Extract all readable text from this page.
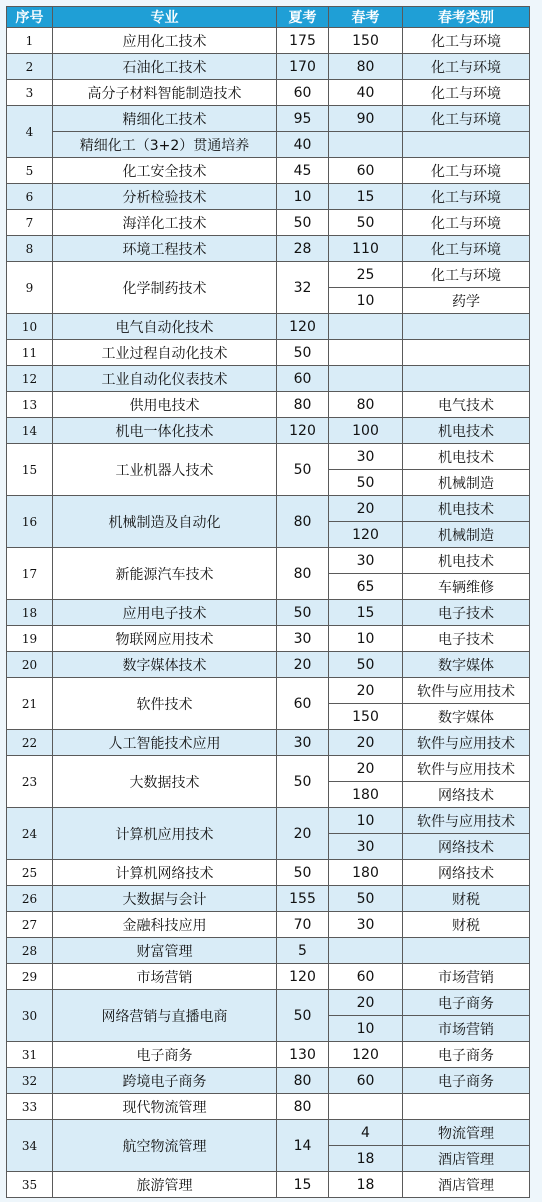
序号	专业	夏考	春考	春考类别
1	应用化工技术	175	150	化工与环境
2	石油化工技术	170	80	化工与环境
3	高分子材料智能制造技术	60	40	化工与环境
4	精细化工技术	95	90	化工与环境
	精细化工（3+2）贯通培养	40		
5	化工安全技术	45	60	化工与环境
6	分析检验技术	10	15	化工与环境
7	海洋化工技术	50	50	化工与环境
8	环境工程技术	28	110	化工与环境
9	化学制药技术	32	25	化工与环境
			10	药学
10	电气自动化技术	120		
11	工业过程自动化技术	50		
12	工业自动化仪表技术	60		
13	供用电技术	80	80	电气技术
14	机电一体化技术	120	100	机电技术
15	工业机器人技术	50	30	机电技术
			50	机械制造
16	机械制造及自动化	80	20	机电技术
			120	机械制造
17	新能源汽车技术	80	30	机电技术
			65	车辆维修
18	应用电子技术	50	15	电子技术
19	物联网应用技术	30	10	电子技术
20	数字媒体技术	20	50	数字媒体
21	软件技术	60	20	软件与应用技术
			150	数字媒体
22	人工智能技术应用	30	20	软件与应用技术
23	大数据技术	50	20	软件与应用技术
			180	网络技术
24	计算机应用技术	20	10	软件与应用技术
			30	网络技术
25	计算机网络技术	50	180	网络技术
26	大数据与会计	155	50	财税
27	金融科技应用	70	30	财税
28	财富管理	5		
29	市场营销	120	60	市场营销
30	网络营销与直播电商	50	20	电子商务
			10	市场营销
31	电子商务	130	120	电子商务
32	跨境电子商务	80	60	电子商务
33	现代物流管理	80		
34	航空物流管理	14	4	物流管理
			18	酒店管理
35	旅游管理	15	18	酒店管理
